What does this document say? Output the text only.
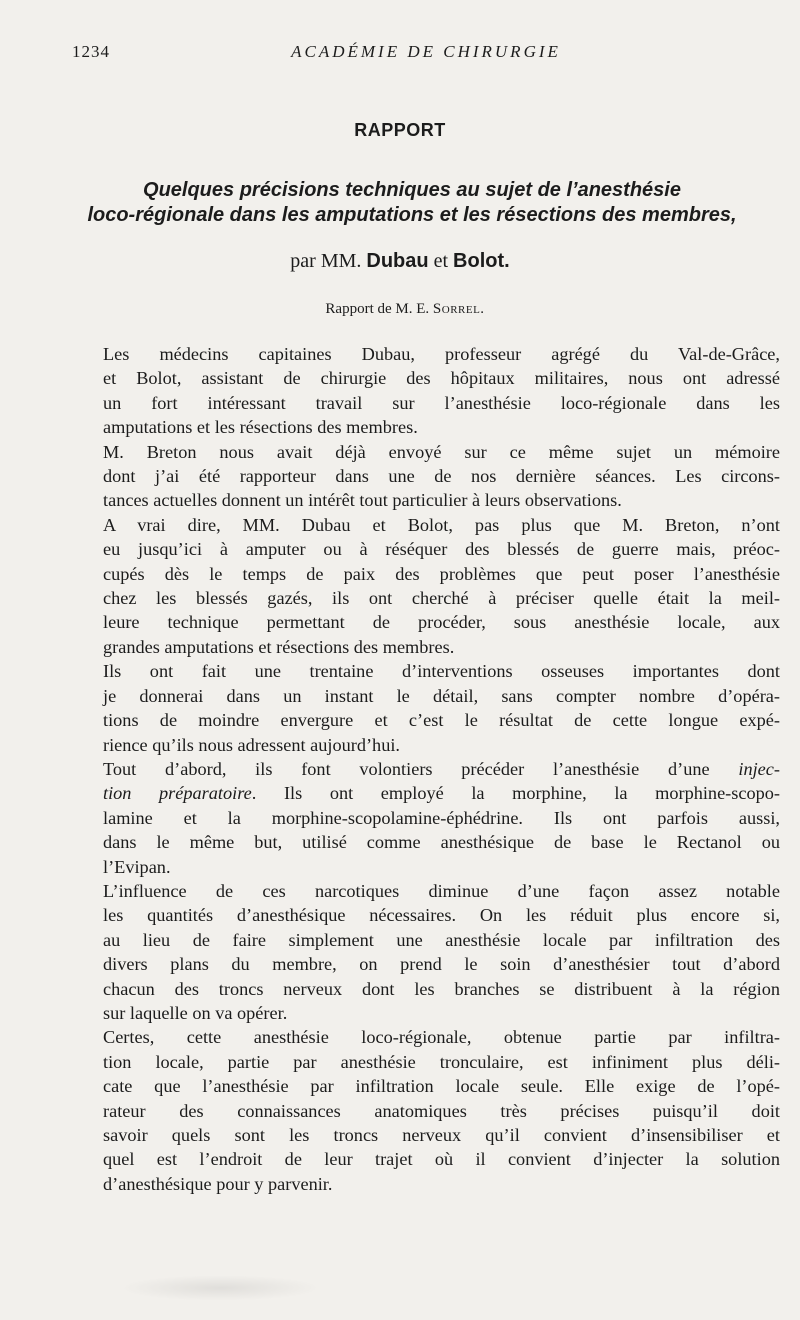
1234	ACADÉMIE DE CHIRURGIE
RAPPORT
Quelques précisions techniques au sujet de l’anesthésie
loco-régionale dans les amputations et les résections des membres,
par MM. Dubau et Bolot.
Rapport de M. E. Sorrel.

Les médecins capitaines Dubau, professeur agrégé du Val-de-Grâce,
et Bolot, assistant de chirurgie des hôpitaux militaires, nous ont adressé
un fort intéressant travail sur l’anesthésie loco-régionale dans les
amputations et les résections des membres.

M. Breton nous avait déjà envoyé sur ce même sujet un mémoire
dont j’ai été rapporteur dans une de nos dernière séances. Les circons-
tances actuelles donnent un intérêt tout particulier à leurs observations.

A vrai dire, MM. Dubau et Bolot, pas plus que M. Breton, n’ont
eu jusqu’ici à amputer ou à réséquer des blessés de guerre mais, préoc-
cupés dès le temps de paix des problèmes que peut poser l’anesthésie
chez les blessés gazés, ils ont cherché à préciser quelle était la meil-
leure technique permettant de procéder, sous anesthésie locale, aux
grandes amputations et résections des membres.

Ils ont fait une trentaine d’interventions osseuses importantes dont
je donnerai dans un instant le détail, sans compter nombre d’opéra-
tions de moindre envergure et c’est le résultat de cette longue expé-
rience qu’ils nous adressent aujourd’hui.

Tout d’abord, ils font volontiers précéder l’anesthésie d’une injec-
tion préparatoire. Ils ont employé la morphine, la morphine-scopo-
lamine et la morphine-scopolamine-éphédrine. Ils ont parfois aussi,
dans le même but, utilisé comme anesthésique de base le Rectanol ou
l’Evipan.

L’influence de ces narcotiques diminue d’une façon assez notable
les quantités d’anesthésique nécessaires. On les réduit plus encore si,
au lieu de faire simplement une anesthésie locale par infiltration des
divers plans du membre, on prend le soin d’anesthésier tout d’abord
chacun des troncs nerveux dont les branches se distribuent à la région
sur laquelle on va opérer.

Certes, cette anesthésie loco-régionale, obtenue partie par infiltra-
tion locale, partie par anesthésie tronculaire, est infiniment plus déli-
cate que l’anesthésie par infiltration locale seule. Elle exige de l’opé-
rateur des connaissances anatomiques très précises puisqu’il doit
savoir quels sont les troncs nerveux qu’il convient d’insensibiliser et
quel est l’endroit de leur trajet où il convient d’injecter la solution
d’anesthésique pour y parvenir.
